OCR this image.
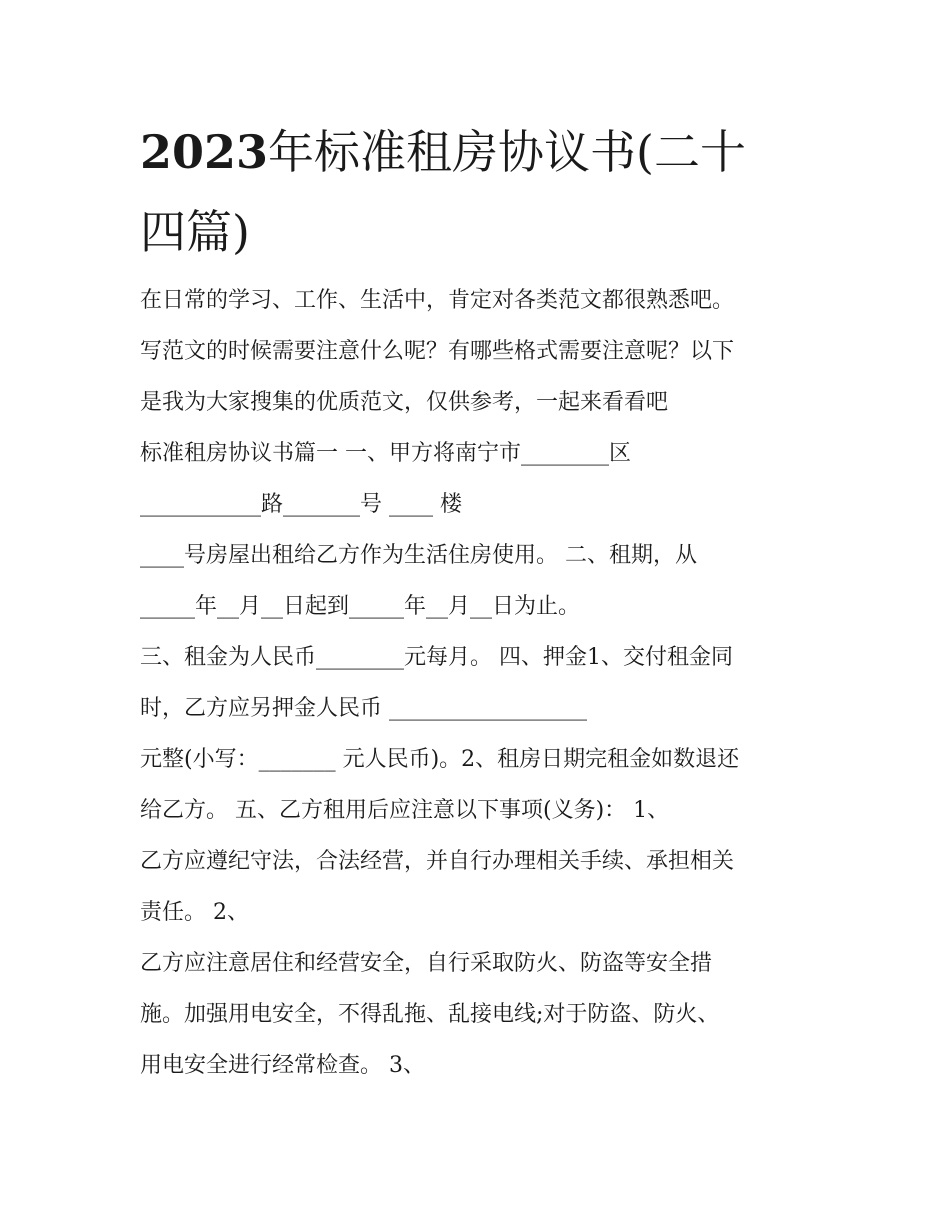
2023年标准租房协议书(二十
四篇)
在日常的学习、工作、生活中，肯定对各类范文都很熟悉吧。
写范文的时候需要注意什么呢？有哪些格式需要注意呢？以下
是我为大家搜集的优质范文，仅供参考，一起来看看吧
标准租房协议书篇一 一、甲方将南宁市________区
___________路_______号 ____ 楼
____号房屋出租给乙方作为生活住房使用。 二、租期，从
_____年__月__日起到_____年__月__日为止。
三、租金为人民币________元每月。 四、押金1、交付租金同
时，乙方应另押金人民币 __________________
元整(小写：_______ 元人民币)。2、租房日期完租金如数退还
给乙方。 五、乙方租用后应注意以下事项(义务)： 1、
乙方应遵纪守法，合法经营，并自行办理相关手续、承担相关
责任。 2、
乙方应注意居住和经营安全，自行采取防火、防盗等安全措
施。加强用电安全，不得乱拖、乱接电线;对于防盗、防火、
用电安全进行经常检查。 3、
